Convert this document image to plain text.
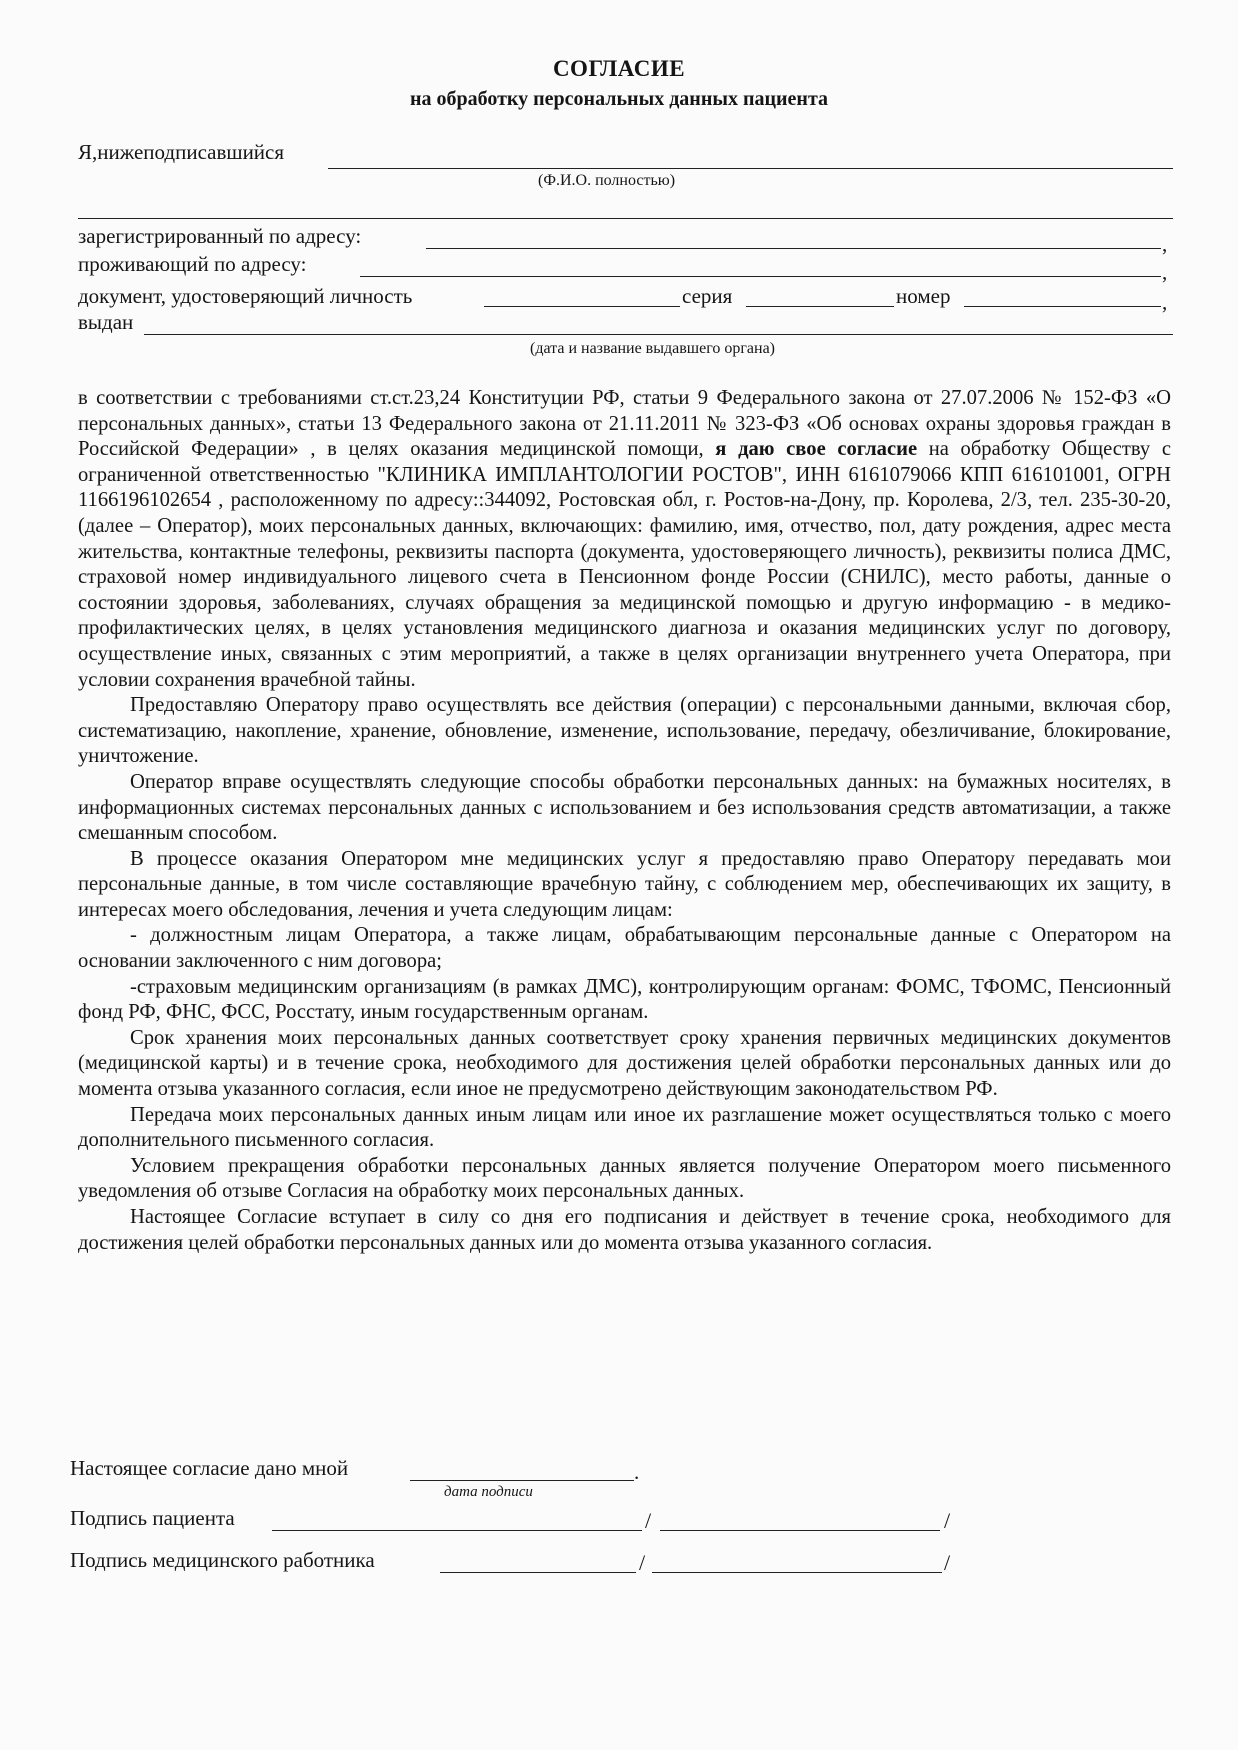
СОГЛАСИЕ
на обработку персональных данных пациента
Я,нижеподписавшийся
(Ф.И.О. полностью)
зарегистрированный по адресу:	,
проживающий по адресу:	,
документ, удостоверяющий личность	серия	номер	,
выдан
(дата и название выдавшего органа)

в соответствии с требованиями ст.ст.23,24 Конституции РФ, статьи 9 Федерального закона от 27.07.2006 № 152-ФЗ «О персональных данных», статьи 13 Федерального закона от 21.11.2011 № 323-ФЗ «Об основах охраны здоровья граждан в Российской Федерации» , в целях оказания медицинской помощи, я даю свое согласие на обработку Обществу с ограниченной ответственностью "КЛИНИКА ИМПЛАНТОЛОГИИ РОСТОВ", ИНН 6161079066 КПП 616101001, ОГРН 1166196102654 , расположенному по адресу::344092, Ростовская обл, г. Ростов-на-Дону, пр. Королева, 2/3, тел. 235-30-20, (далее – Оператор), моих персональных данных, включающих: фамилию, имя, отчество, пол, дату рождения, адрес места жительства, контактные телефоны, реквизиты паспорта (документа, удостоверяющего личность), реквизиты полиса ДМС, страховой номер индивидуального лицевого счета в Пенсионном фонде России (СНИЛС), место работы, данные о состоянии здоровья, заболеваниях, случаях обращения за медицинской помощью и другую информацию - в медико-профилактических целях, в целях установления медицинского диагноза и оказания медицинских услуг по договору, осуществление иных, связанных с этим мероприятий, а также в целях организации внутреннего учета Оператора, при условии сохранения врачебной тайны.

Предоставляю Оператору право осуществлять все действия (операции) с персональными данными, включая сбор, систематизацию, накопление, хранение, обновление, изменение, использование, передачу, обезличивание, блокирование, уничтожение.

Оператор вправе осуществлять следующие способы обработки персональных данных: на бумажных носителях, в информационных системах персональных данных с использованием и без использования средств автоматизации, а также смешанным способом.

В процессе оказания Оператором мне медицинских услуг я предоставляю право Оператору передавать мои персональные данные, в том числе составляющие врачебную тайну, с соблюдением мер, обеспечивающих их защиту, в интересах моего обследования, лечения и учета следующим лицам:

- должностным лицам Оператора, а также лицам, обрабатывающим персональные данные с Оператором на основании заключенного с ним договора;

-страховым медицинским организациям (в рамках ДМС), контролирующим органам: ФОМС, ТФОМС, Пенсионный фонд РФ, ФНС, ФСС, Росстату, иным государственным органам.

Срок хранения моих персональных данных соответствует сроку хранения первичных медицинских документов (медицинской карты) и в течение срока, необходимого для достижения целей обработки персональных данных или до момента отзыва указанного согласия, если иное не предусмотрено действующим законодательством РФ.

Передача моих персональных данных иным лицам или иное их разглашение может осуществляться только с моего дополнительного письменного согласия.

Условием прекращения обработки персональных данных является получение Оператором моего письменного уведомления об отзыве Согласия на обработку моих персональных данных.

Настоящее Согласие вступает в силу со дня его подписания и действует в течение срока, необходимого для достижения целей обработки персональных данных или до момента отзыва указанного согласия.

Настоящее согласие дано мной	.
дата подписи
Подпись пациента	/	/
Подпись медицинского работника	/	/
